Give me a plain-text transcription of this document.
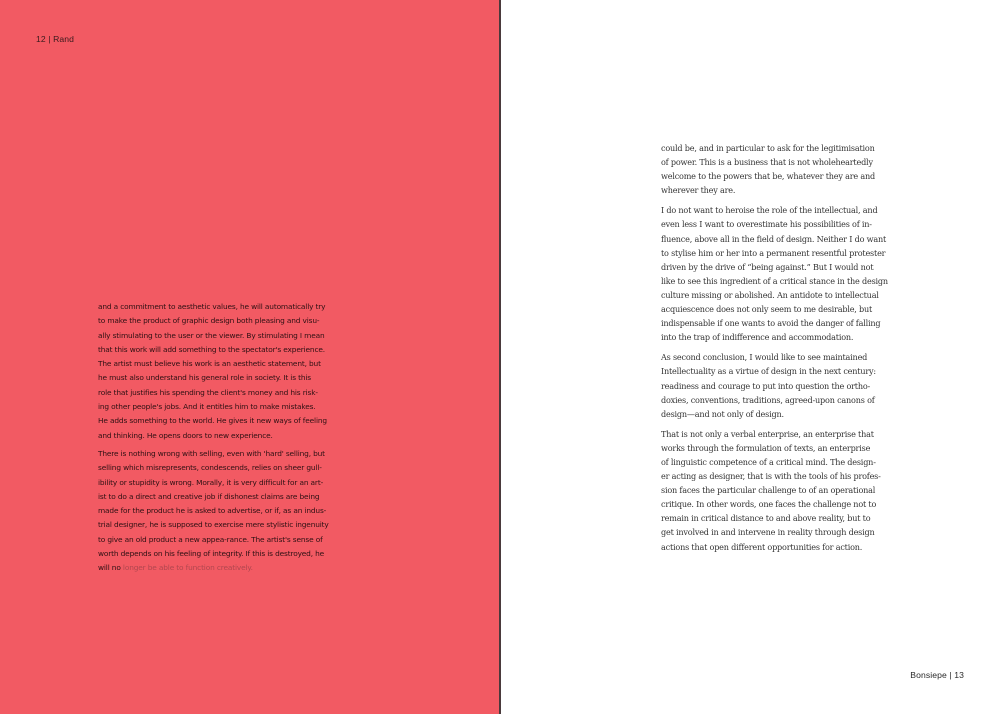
12 | Rand

and a commitment to aesthetic values, he will automatically try
to make the product of graphic design both pleasing and visu-
ally stimulating to the user or the viewer. By stimulating I mean
that this work will add something to the spectator's experience.
The artist must believe his work is an aesthetic statement, but
he must also understand his general role in society. It is this
role that justifies his spending the client's money and his risk-
ing other people's jobs. And it entitles him to make mistakes.
He adds something to the world. He gives it new ways of feeling
and thinking. He opens doors to new experience.

There is nothing wrong with selling, even with 'hard' selling, but
selling which misrepresents, condescends, relies on sheer gull-
ibility or stupidity is wrong. Morally, it is very difficult for an art-
ist to do a direct and creative job if dishonest claims are being
made for the product he is asked to advertise, or if, as an indus-
trial designer, he is supposed to exercise mere stylistic ingenuity
to give an old product a new appea-rance. The artist's sense of
worth depends on his feeling of integrity. If this is destroyed, he
will no longer be able to function creatively.

could be, and in particular to ask for the legitimisation
of power. This is a business that is not wholeheartedly
welcome to the powers that be, whatever they are and
wherever they are.

I do not want to heroise the role of the intellectual, and
even less I want to overestimate his possibilities of in-
fluence, above all in the field of design. Neither I do want
to stylise him or her into a permanent resentful protester
driven by the drive of “being against.” But I would not
like to see this ingredient of a critical stance in the design
culture missing or abolished. An antidote to intellectual
acquiescence does not only seem to me desirable, but
indispensable if one wants to avoid the danger of falling
into the trap of indifference and accommodation.

As second conclusion, I would like to see maintained
Intellectuality as a virtue of design in the next century:
readiness and courage to put into question the ortho-
doxies, conventions, traditions, agreed-upon canons of
design—and not only of design.

That is not only a verbal enterprise, an enterprise that
works through the formulation of texts, an enterprise
of linguistic competence of a critical mind. The design-
er acting as designer, that is with the tools of his profes-
sion faces the particular challenge to of an operational
critique. In other words, one faces the challenge not to
remain in critical distance to and above reality, but to
get involved in and intervene in reality through design
actions that open different opportunities for action.

Bonsiepe | 13
